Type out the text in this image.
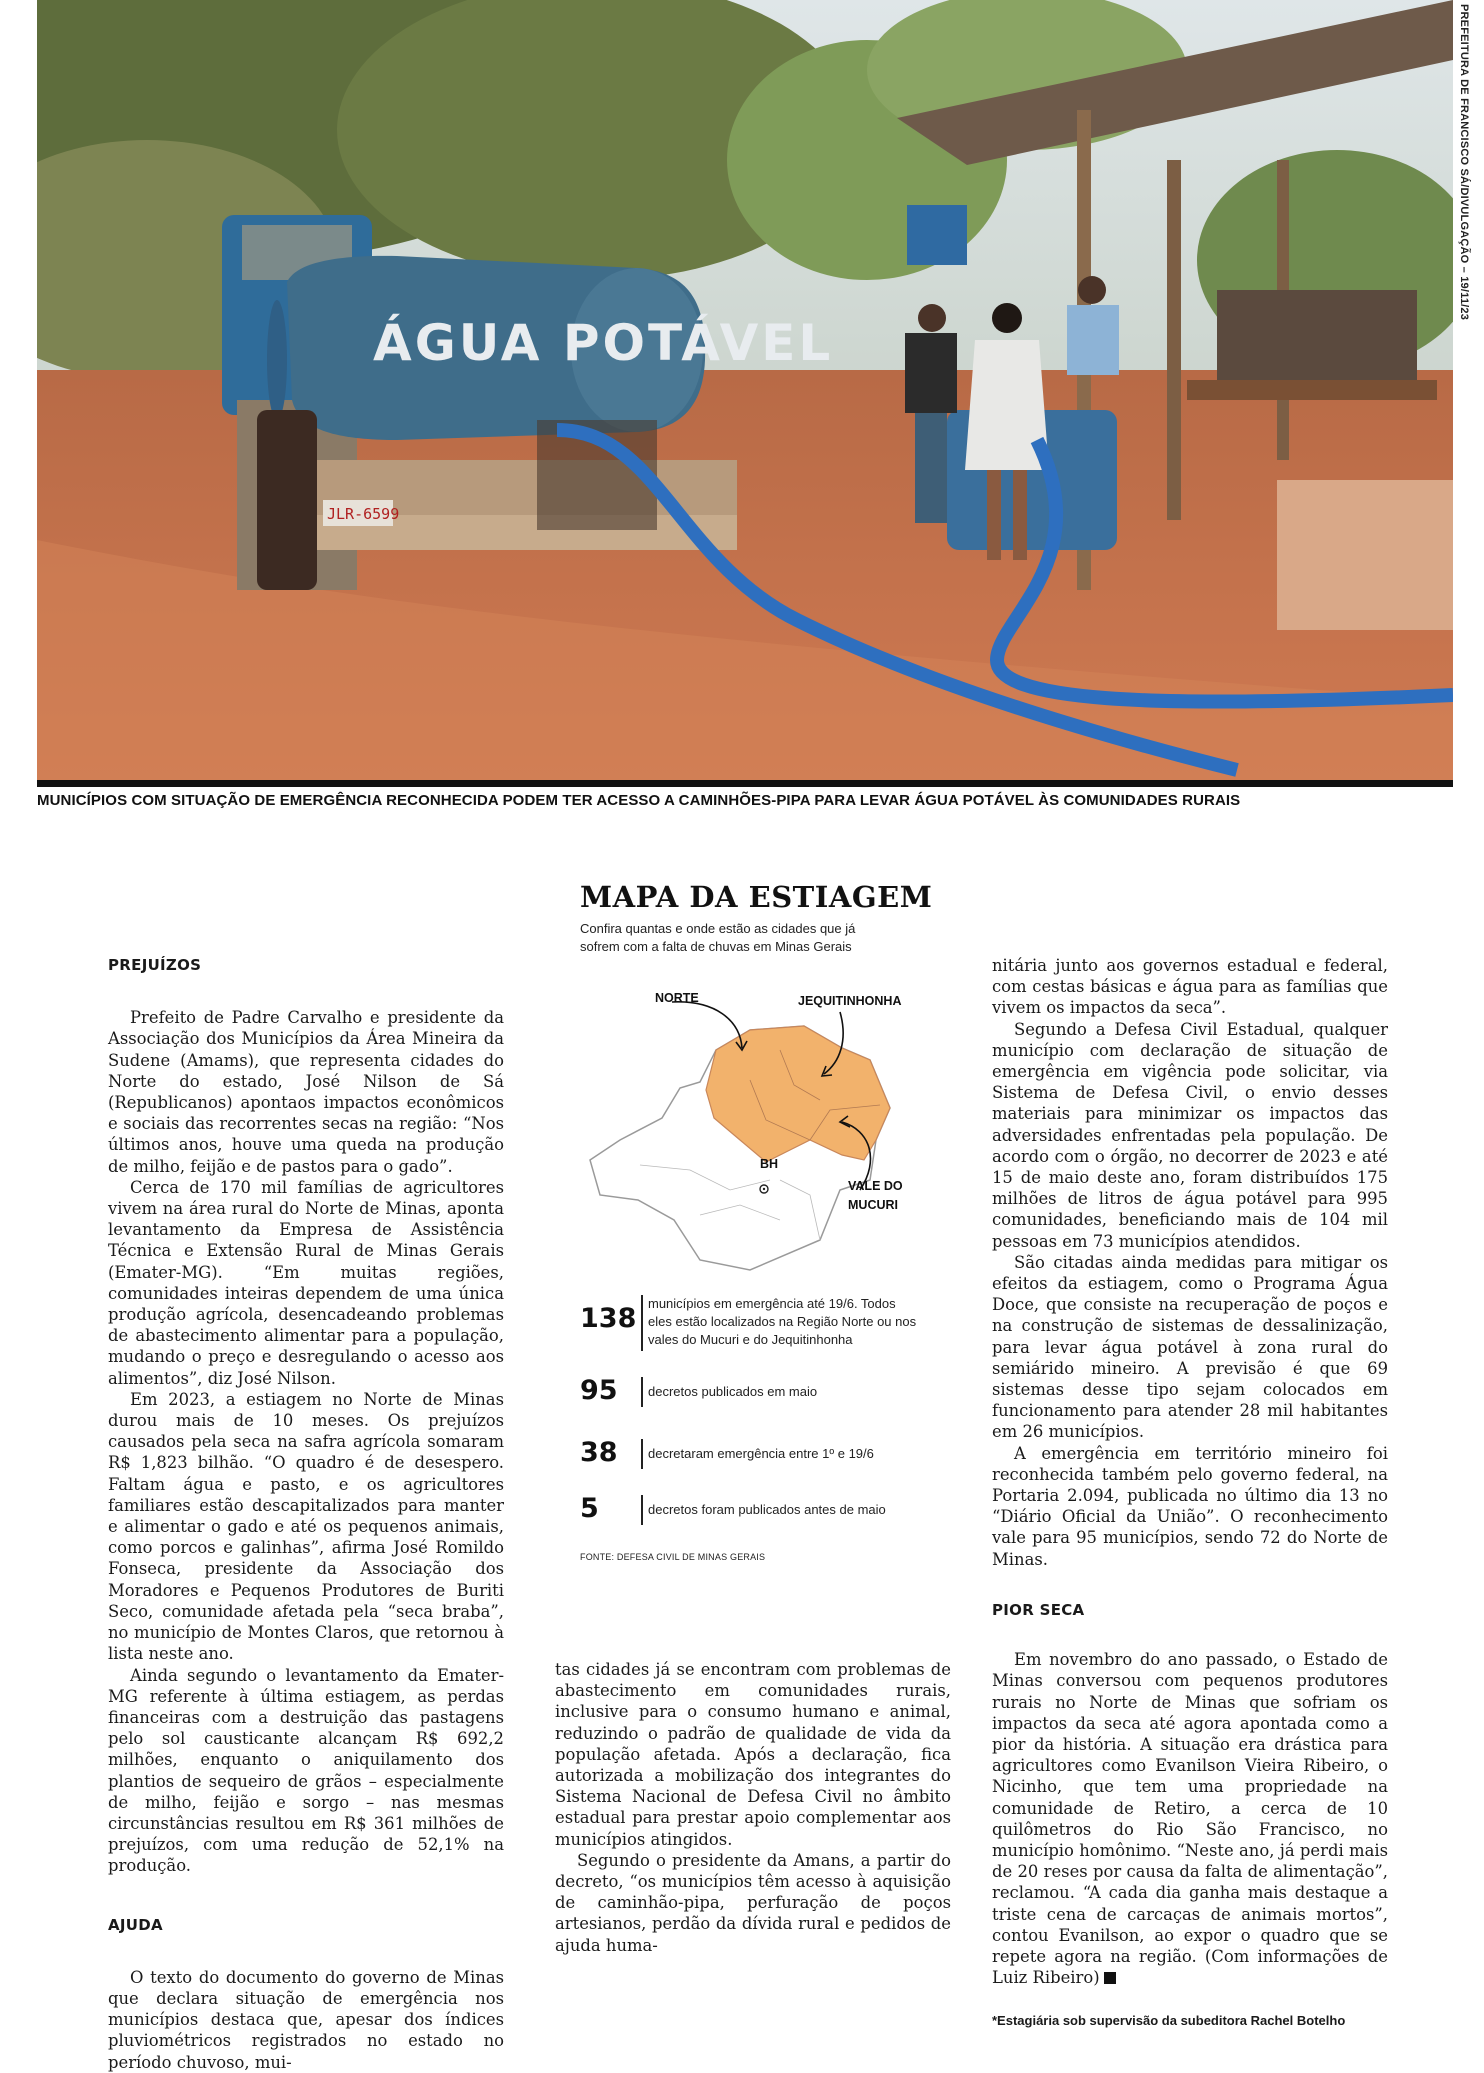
ÁGUA POTÁVEL
JLR-6599
PREFEITURA DE FRANCISCO SÁ/DIVULGAÇÃO – 19/11/23
MUNICÍPIOS COM SITUAÇÃO DE EMERGÊNCIA RECONHECIDA PODEM TER ACESSO A CAMINHÕES-PIPA PARA LEVAR ÁGUA POTÁVEL ÀS COMUNIDADES RURAIS
PREJUÍZOS

Prefeito de Padre Carvalho e presidente da Associação dos Municípios da Área Mineira da Sudene (Amams), que representa cidades do Norte do estado, José Nilson de Sá (Republicanos) apontaos impactos econômicos e sociais das recorrentes secas na região: “Nos últimos anos, houve uma queda na produção de milho, feijão e de pastos para o gado”.

Cerca de 170 mil famílias de agricultores vivem na área rural do Norte de Minas, aponta levantamento da Empresa de Assistência Técnica e Extensão Rural de Minas Gerais (Emater-MG). “Em muitas regiões, comunidades inteiras dependem de uma única produção agrícola, desencadeando problemas de abastecimento alimentar para a população, mudando o preço e desregulando o acesso aos alimentos”, diz José Nilson.

Em 2023, a estiagem no Norte de Minas durou mais de 10 meses. Os prejuízos causados pela seca na safra agrícola somaram R$ 1,823 bilhão. “O quadro é de desespero. Faltam água e pasto, e os agricultores familiares estão descapitalizados para manter e alimentar o gado e até os pequenos animais, como porcos e galinhas”, afirma José Romildo Fonseca, presidente da Associação dos Moradores e Pequenos Produtores de Buriti Seco, comunidade afetada pela “seca braba”, no município de Montes Claros, que retornou à lista neste ano.

Ainda segundo o levantamento da Emater-MG referente à última estiagem, as perdas financeiras com a destruição das pastagens pelo sol causticante alcançam R$ 692,2 milhões, enquanto o aniquilamento dos plantios de sequeiro de grãos – especialmente de milho, feijão e sorgo – nas mesmas circunstâncias resultou em R$ 361 milhões de prejuízos, com uma redução de 52,1% na produção.

AJUDA

O texto do documento do governo de Minas que declara situação de emergência nos municípios destaca que, apesar dos índices pluviométricos registrados no estado no período chuvoso, mui-

MAPA DA ESTIAGEM
Confira quantas e onde estão as cidades que já sofrem com a falta de chuvas em Minas Gerais
NORTE	JEQUITINHONHA
BH
VALE DO
MUCURI
138 municípios em emergência até 19/6. Todos eles estão localizados na Região Norte ou nos vales do Mucuri e do Jequitinhonha
95 decretos publicados em maio
38 decretaram emergência entre 1º e 19/6
5	decretos foram publicados antes de maio
FONTE: DEFESA CIVIL DE MINAS GERAIS

tas cidades já se encontram com problemas de abastecimento em comunidades rurais, inclusive para o consumo humano e animal, reduzindo o padrão de qualidade de vida da população afetada. Após a declaração, fica autorizada a mobilização dos integrantes do Sistema Nacional de Defesa Civil no âmbito estadual para prestar apoio complementar aos municípios atingidos.

Segundo o presidente da Amans, a partir do decreto, “os municípios têm acesso à aquisição de caminhão-pipa, perfuração de poços artesianos, perdão da dívida rural e pedidos de ajuda huma-

nitária junto aos governos estadual e federal, com cestas básicas e água para as famílias que vivem os impactos da seca”.

Segundo a Defesa Civil Estadual, qualquer município com declaração de situação de emergência em vigência pode solicitar, via Sistema de Defesa Civil, o envio desses materiais para minimizar os impactos das adversidades enfrentadas pela população. De acordo com o órgão, no decorrer de 2023 e até 15 de maio deste ano, foram distribuídos 175 milhões de litros de água potável para 995 comunidades, beneficiando mais de 104 mil pessoas em 73 municípios atendidos.

São citadas ainda medidas para mitigar os efeitos da estiagem, como o Programa Água Doce, que consiste na recuperação de poços e na construção de sistemas de dessalinização, para levar água potável à zona rural do semiárido mineiro. A previsão é que 69 sistemas desse tipo sejam colocados em funcionamento para atender 28 mil habitantes em 26 municípios.

A emergência em território mineiro foi reconhecida também pelo governo federal, na Portaria 2.094, publicada no último dia 13 no “Diário Oficial da União”. O reconhecimento vale para 95 municípios, sendo 72 do Norte de Minas.

PIOR SECA

Em novembro do ano passado, o Estado de Minas conversou com pequenos produtores rurais no Norte de Minas que sofriam os impactos da seca até agora apontada como a pior da história. A situação era drástica para agricultores como Evanilson Vieira Ribeiro, o Nicinho, que tem uma propriedade na comunidade de Retiro, a cerca de 10 quilômetros do Rio São Francisco, no município homônimo. “Neste ano, já perdi mais de 20 reses por causa da falta de alimentação”, reclamou. “A cada dia ganha mais destaque a triste cena de carcaças de animais mortos”, contou Evanilson, ao expor o quadro que se repete agora na região. (Com informações de Luiz Ribeiro)

*Estagiária sob supervisão da subeditora Rachel Botelho
